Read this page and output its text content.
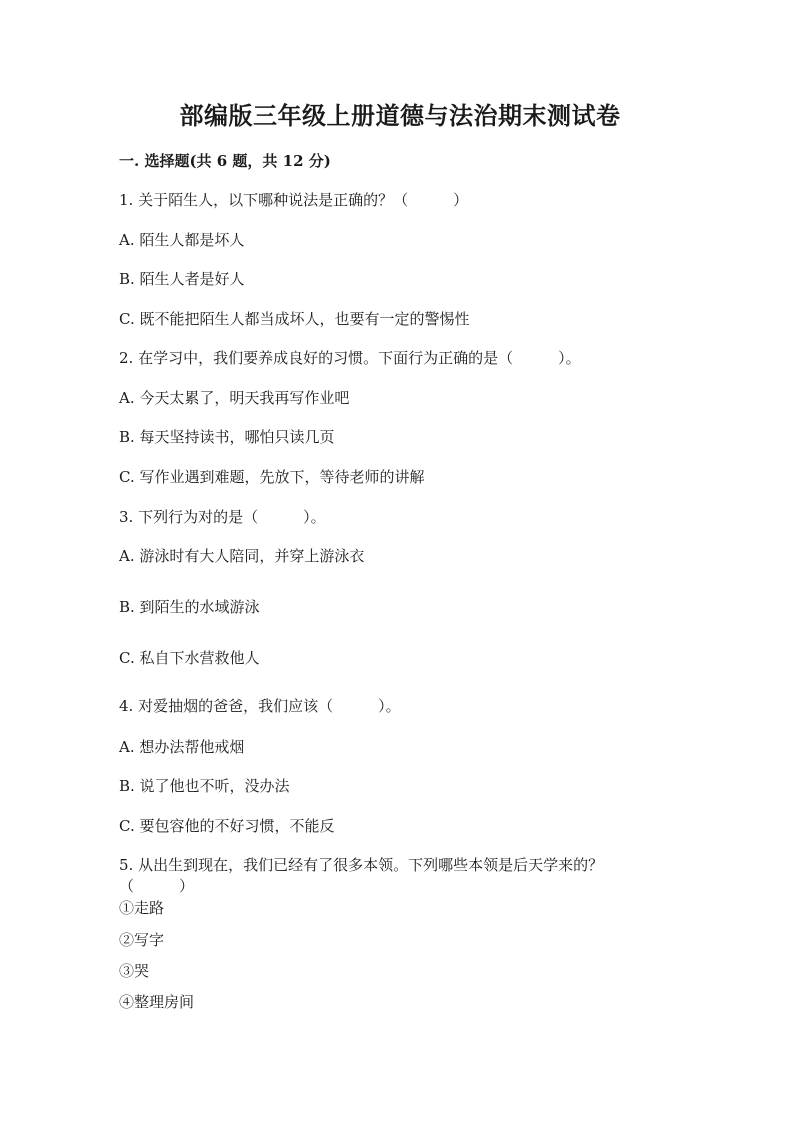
部编版三年级上册道德与法治期末测试卷
一. 选择题(共 6 题，共 12 分)
1. 关于陌生人，以下哪种说法是正确的？（　　　）
A. 陌生人都是坏人
B. 陌生人者是好人
C. 既不能把陌生人都当成坏人，也要有一定的警惕性
2. 在学习中，我们要养成良好的习惯。下面行为正确的是（　　　）。
A. 今天太累了，明天我再写作业吧
B. 每天坚持读书，哪怕只读几页
C. 写作业遇到难题，先放下，等待老师的讲解
3. 下列行为对的是（　　　）。
A. 游泳时有大人陪同，并穿上游泳衣
B. 到陌生的水域游泳
C. 私自下水营救他人
4. 对爱抽烟的爸爸，我们应该（　　　）。
A. 想办法帮他戒烟
B. 说了他也不听，没办法
C. 要包容他的不好习惯，不能反
5. 从出生到现在，我们已经有了很多本领。下列哪些本领是后天学来的？
（　　　）
①走路
②写字
③哭
④整理房间
